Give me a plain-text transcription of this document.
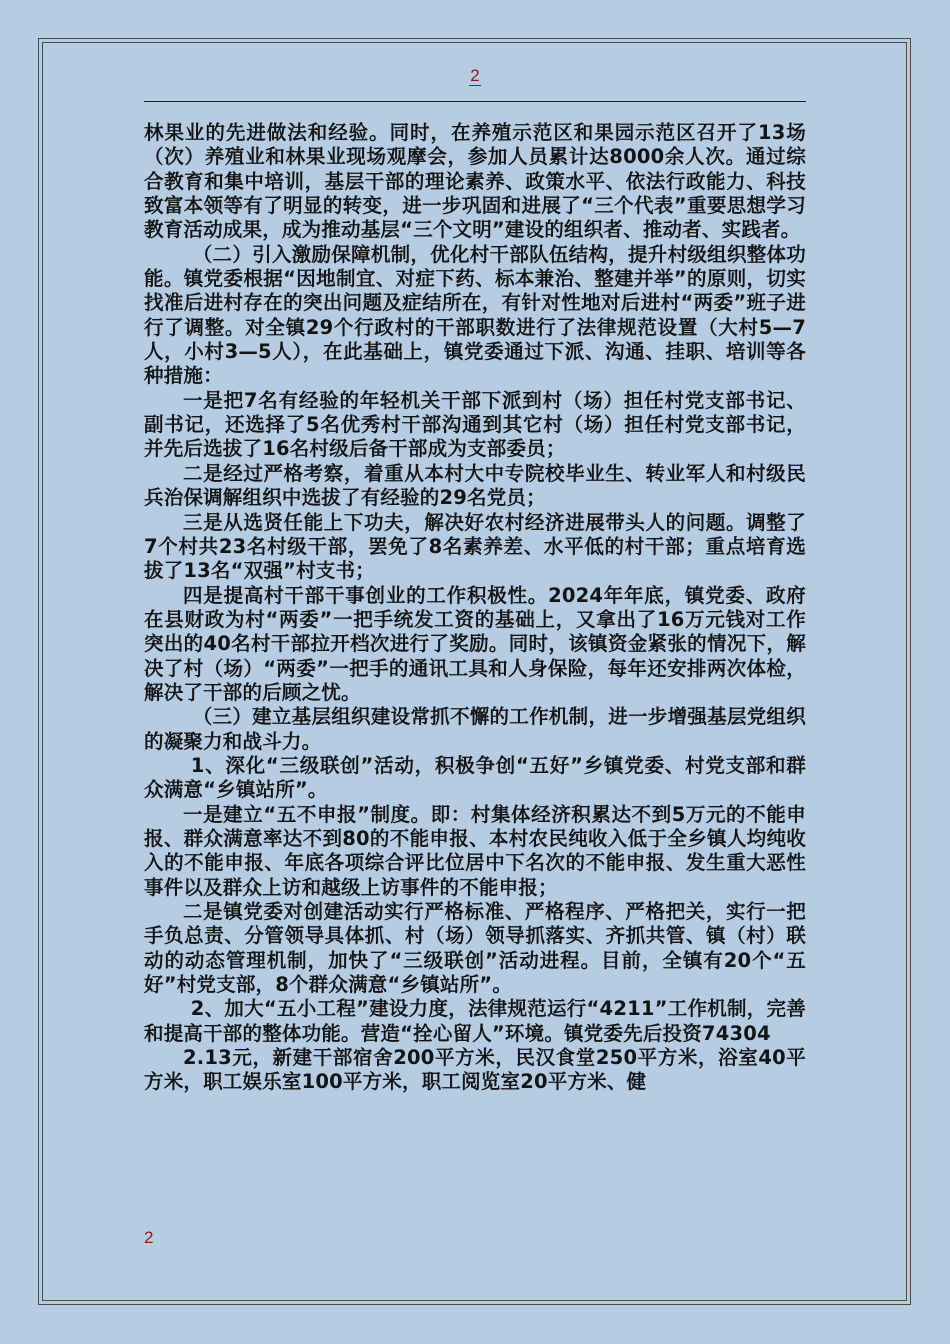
2

林果业的先进做法和经验。同时，在养殖示范区和果园示范区召开了13场（次）养殖业和林果业现场观摩会，参加人员累计达8000余人次。通过综合教育和集中培训，基层干部的理论素养、政策水平、依法行政能力、科技致富本领等有了明显的转变，进一步巩固和进展了“三个代表”重要思想学习教育活动成果，成为推动基层“三个文明”建设的组织者、推动者、实践者。

（二）引入激励保障机制，优化村干部队伍结构，提升村级组织整体功能。镇党委根据“因地制宜、对症下药、标本兼治、整建并举”的原则，切实找准后进村存在的突出问题及症结所在，有针对性地对后进村“两委”班子进行了调整。对全镇29个行政村的干部职数进行了法律规范设置（大村5—7人，小村3—5人），在此基础上，镇党委通过下派、沟通、挂职、培训等各种措施：

一是把7名有经验的年轻机关干部下派到村（场）担任村党支部书记、副书记，还选择了5名优秀村干部沟通到其它村（场）担任村党支部书记，并先后选拔了16名村级后备干部成为支部委员；

二是经过严格考察，着重从本村大中专院校毕业生、转业军人和村级民兵治保调解组织中选拔了有经验的29名党员；

三是从选贤任能上下功夫，解决好农村经济进展带头人的问题。调整了7个村共23名村级干部，罢免了8名素养差、水平低的村干部；重点培育选拔了13名“双强”村支书；

四是提高村干部干事创业的工作积极性。2024年年底，镇党委、政府在县财政为村“两委”一把手统发工资的基础上，又拿出了16万元钱对工作突出的40名村干部拉开档次进行了奖励。同时，该镇资金紧张的情况下，解决了村（场）“两委”一把手的通讯工具和人身保险，每年还安排两次体检，解决了干部的后顾之忧。

（三）建立基层组织建设常抓不懈的工作机制，进一步增强基层党组织的凝聚力和战斗力。

1、深化“三级联创”活动，积极争创“五好”乡镇党委、村党支部和群众满意“乡镇站所”。

一是建立“五不申报”制度。即：村集体经济积累达不到5万元的不能申报、群众满意率达不到80的不能申报、本村农民纯收入低于全乡镇人均纯收入的不能申报、年底各项综合评比位居中下名次的不能申报、发生重大恶性事件以及群众上访和越级上访事件的不能申报；

二是镇党委对创建活动实行严格标准、严格程序、严格把关，实行一把手负总责、分管领导具体抓、村（场）领导抓落实、齐抓共管、镇（村）联动的动态管理机制，加快了“三级联创”活动进程。目前，全镇有20个“五好”村党支部，8个群众满意“乡镇站所”。

2、加大“五小工程”建设力度，法律规范运行“4211”工作机制，完善和提高干部的整体功能。营造“拴心留人”环境。镇党委先后投资74304

2.13元，新建干部宿舍200平方米，民汉食堂250平方米，浴室40平方米，职工娱乐室100平方米，职工阅览室20平方米、健

2
